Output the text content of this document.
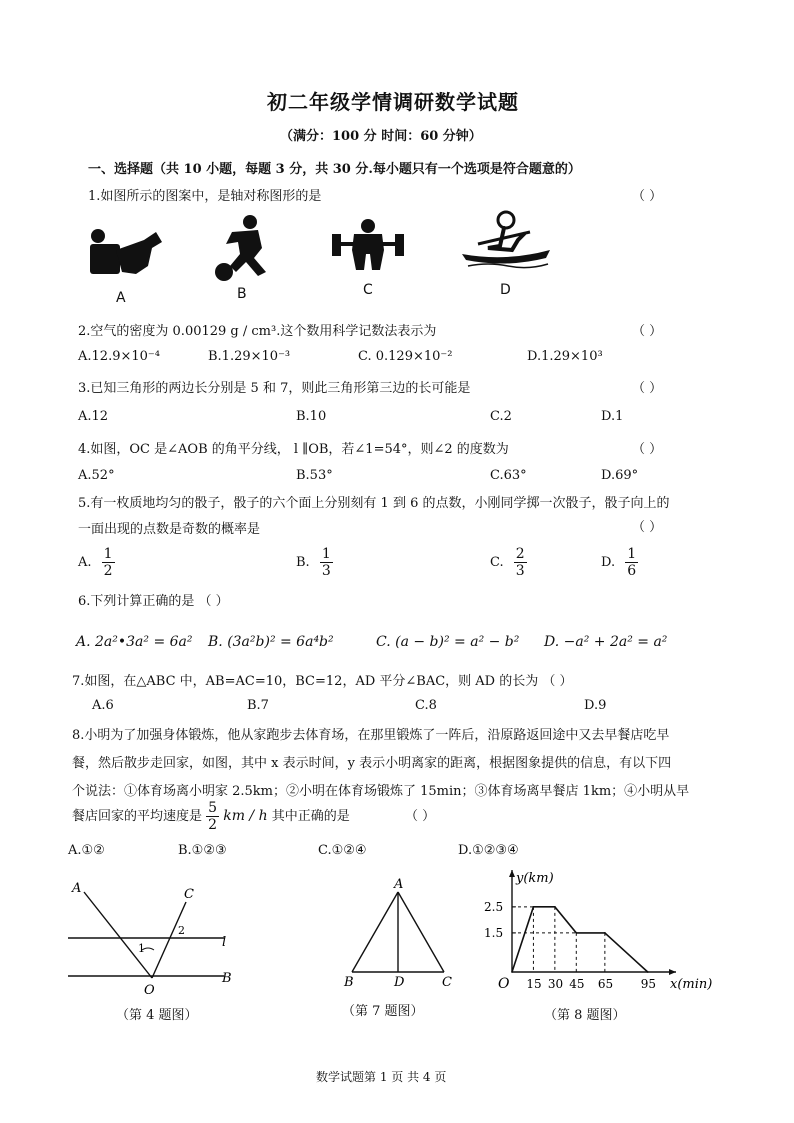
初二年级学情调研数学试题
（满分：100 分 时间：60 分钟）
一、选择题（共 10 小题，每题 3 分，共 30 分.每小题只有一个选项是符合题意的）
1.如图所示的图案中，是轴对称图形的是	（ ）
A	B	C	D
2.空气的密度为 0.00129 g / cm³.这个数用科学记数法表示为	（ ）
A.12.9×10⁻⁴	B.1.29×10⁻³	C. 0.129×10⁻²	D.1.29×10³
3.已知三角形的两边长分别是 5 和 7，则此三角形第三边的长可能是	（ ）
A.12	B.10	C.2	D.1
4.如图，OC 是∠AOB 的角平分线， l ∥OB，若∠1=54°，则∠2 的度数为	（ ）
A.52°	B.53°	C.63°	D.69°
5.有一枚质地均匀的骰子，骰子的六个面上分别刻有 1 到 6 的点数，小刚同学掷一次骰子，骰子向上的
一面出现的点数是奇数的概率是	（ ）
A. $\frac{1}{2}$	B. $\frac{1}{3}$	C. $\frac{2}{3}$	D. $\frac{1}{6}$
6.下列计算正确的是 （ ）
A. 2a²•3a² = 6a² B. (3a²b)² = 6a⁴b²	C. (a − b)² = a² − b² D. −a² + 2a² = a²
7.如图，在△ABC 中，AB=AC=10，BC=12，AD 平分∠BAC，则 AD 的长为 （ ）
A.6	B.7	C.8	D.9
8.小明为了加强身体锻炼，他从家跑步去体育场，在那里锻炼了一阵后，沿原路返回途中又去早餐店吃早
餐，然后散步走回家，如图，其中 x 表示时间，y 表示小明离家的距离，根据图象提供的信息，有以下四
个说法：①体育场离小明家 2.5km；②小明在体育场锻炼了 15min；③体育场离早餐店 1km；④小明从早
餐店回家的平均速度是 $\frac{5}{2}$ km / h 其中正确的是	（ ）
A.①②	B.①②③	C.①②④	D.①②③④
A	C
l
B
O
1
2
（第 4 题图）
A
B	D	C
（第 7 题图）
y(km)
x(min)
O
2.5
1.5
15 30 45 65 95
（第 8 题图）
数学试题第 1 页 共 4 页
